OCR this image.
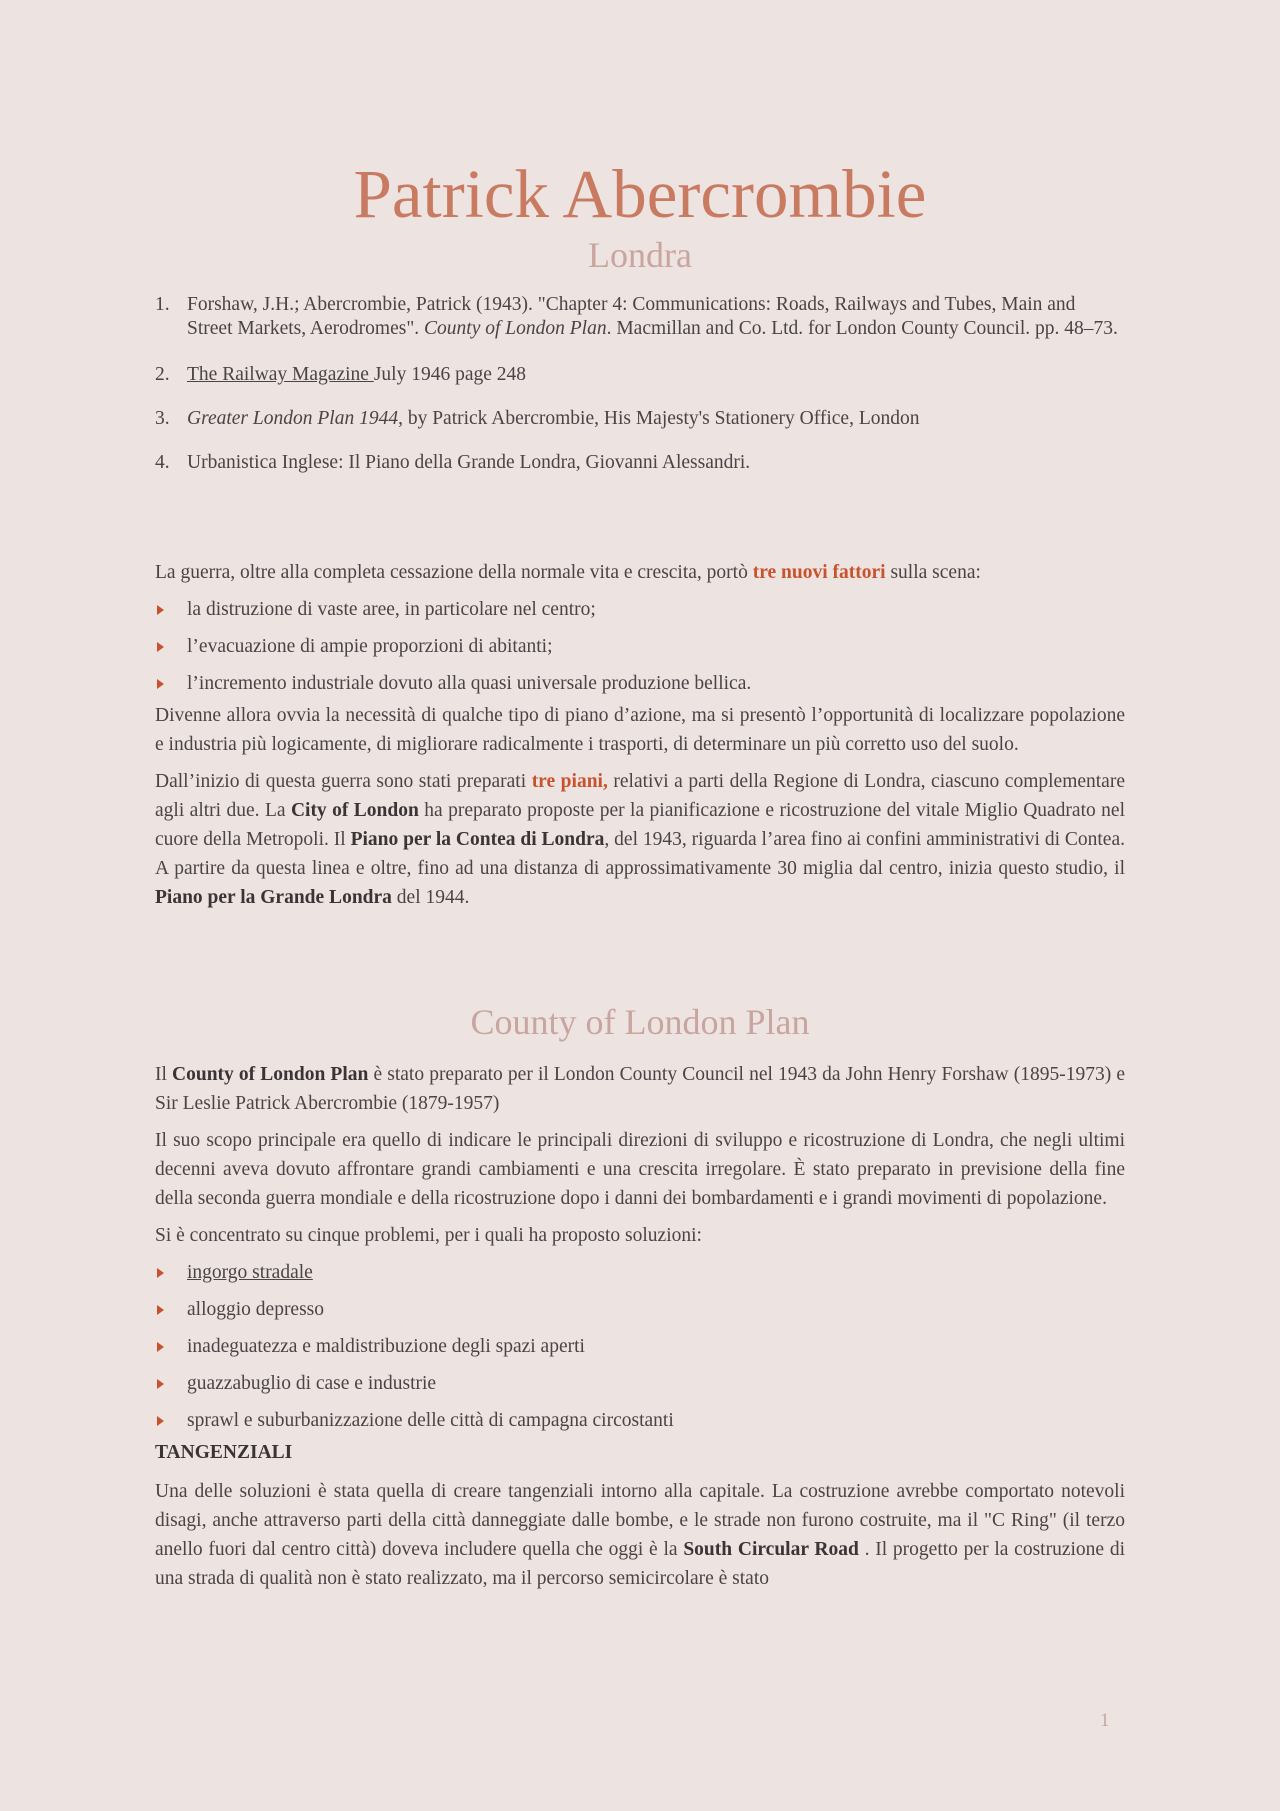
Patrick Abercrombie
Londra
1. Forshaw, J.H.; Abercrombie, Patrick (1943). "Chapter 4: Communications: Roads, Railways and Tubes, Main and Street Markets, Aerodromes". County of London Plan. Macmillan and Co. Ltd. for London County Council. pp. 48–73.
2. The Railway Magazine July 1946 page 248
3. Greater London Plan 1944, by Patrick Abercrombie, His Majesty's Stationery Office, London
4. Urbanistica Inglese: Il Piano della Grande Londra, Giovanni Alessandri.

La guerra, oltre alla completa cessazione della normale vita e crescita, portò tre nuovi fattori sulla scena:

la distruzione di vaste aree, in particolare nel centro;
l’evacuazione di ampie proporzioni di abitanti;
l’incremento industriale dovuto alla quasi universale produzione bellica.

Divenne allora ovvia la necessità di qualche tipo di piano d’azione, ma si presentò l’opportunità di localizzare popolazione e industria più logicamente, di migliorare radicalmente i trasporti, di determinare un più corretto uso del suolo.

Dall’inizio di questa guerra sono stati preparati tre piani, relativi a parti della Regione di Londra, ciascuno complementare agli altri due. La City of London ha preparato proposte per la pianificazione e ricostruzione del vitale Miglio Quadrato nel cuore della Metropoli. Il Piano per la Contea di Londra, del 1943, riguarda l’area fino ai confini amministrativi di Contea. A partire da questa linea e oltre, fino ad una distanza di approssimativamente 30 miglia dal centro, inizia questo studio, il Piano per la Grande Londra del 1944.

County of London Plan

Il County of London Plan è stato preparato per il London County Council nel 1943 da John Henry Forshaw (1895-1973) e Sir Leslie Patrick Abercrombie (1879-1957)

Il suo scopo principale era quello di indicare le principali direzioni di sviluppo e ricostruzione di Londra, che negli ultimi decenni aveva dovuto affrontare grandi cambiamenti e una crescita irregolare. È stato preparato in previsione della fine della seconda guerra mondiale e della ricostruzione dopo i danni dei bombardamenti e i grandi movimenti di popolazione.

Si è concentrato su cinque problemi, per i quali ha proposto soluzioni:

ingorgo stradale
alloggio depresso
inadeguatezza e maldistribuzione degli spazi aperti
guazzabuglio di case e industrie
sprawl e suburbanizzazione delle città di campagna circostanti

TANGENZIALI

Una delle soluzioni è stata quella di creare tangenziali intorno alla capitale. La costruzione avrebbe comportato notevoli disagi, anche attraverso parti della città danneggiate dalle bombe, e le strade non furono costruite, ma il "C Ring" (il terzo anello fuori dal centro città) doveva includere quella che oggi è la South Circular Road . Il progetto per la costruzione di una strada di qualità non è stato realizzato, ma il percorso semicircolare è stato

1
